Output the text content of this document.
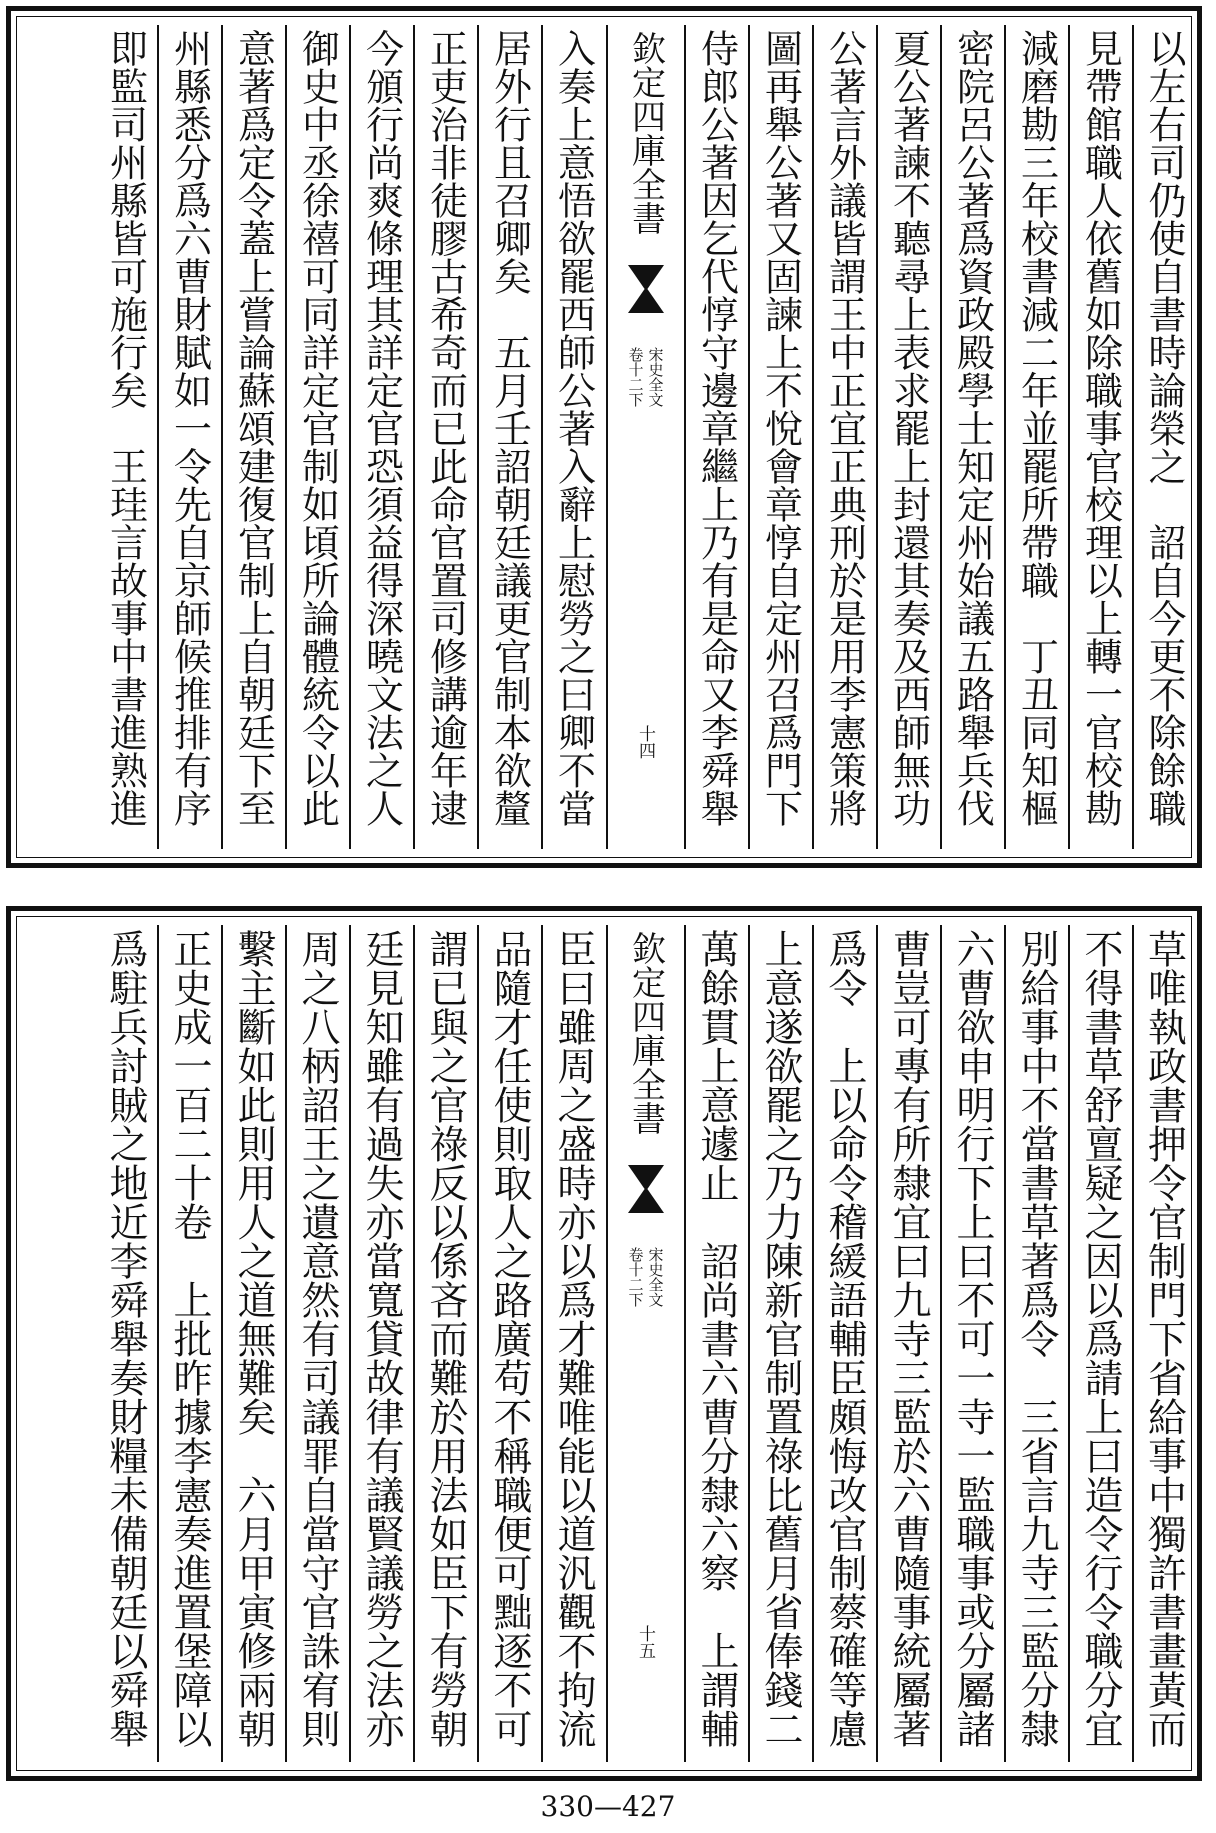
以左右司仍使自書時論榮之　詔自今更不除餘職
見帶館職人依舊如除職事官校理以上轉一官校勘
減磨勘三年校書減二年並罷所帶職　丁丑同知樞
密院呂公著爲資政殿學士知定州始議五路舉兵伐
夏公著諫不聽尋上表求罷上封還其奏及西師無功
公著言外議皆謂王中正宜正典刑於是用李憲策將
圖再舉公著又固諫上不悅會章惇自定州召爲門下
侍郎公著因乞代惇守邊章繼上乃有是命又李舜舉
欽定四庫全書
宋史全文
卷十二下
十四
入奏上意悟欲罷西師公著入辭上慰勞之曰卿不當
居外行且召卿矣　五月壬詔朝廷議更官制本欲釐
正吏治非徒膠古希奇而已此命官置司修講逾年逮
今頒行尚爽條理其詳定官恐須益得深曉文法之人
御史中丞徐禧可同詳定官制如頃所論體統令以此
意著爲定令蓋上嘗論蘇頌建復官制上自朝廷下至
州縣悉分爲六曹財賦如一令先自京師候推排有序
即監司州縣皆可施行矣　王珪言故事中書進熟進
草唯執政書押令官制門下省給事中獨許書畫黃而
不得書草舒亶疑之因以爲請上曰造令行令職分宜
別給事中不當書草著爲令　三省言九寺三監分隸
六曹欲申明行下上曰不可一寺一監職事或分屬諸
曹豈可專有所隸宜曰九寺三監於六曹隨事統屬著
爲令　上以命令稽緩語輔臣頗悔改官制蔡確等慮
上意遂欲罷之乃力陳新官制置祿比舊月省俸錢二
萬餘貫上意遽止　詔尚書六曹分隸六察　上謂輔
欽定四庫全書
宋史全文
卷十二下
十五
臣曰雖周之盛時亦以爲才難唯能以道汎觀不拘流
品隨才任使則取人之路廣苟不稱職便可黜逐不可
謂已與之官祿反以係吝而難於用法如臣下有勞朝
廷見知雖有過失亦當寬貸故律有議賢議勞之法亦
周之八柄詔王之遺意然有司議罪自當守官誅宥則
繫主斷如此則用人之道無難矣　六月甲寅修兩朝
正史成一百二十卷　上批昨據李憲奏進置堡障以
爲駐兵討賊之地近李舜舉奏財糧未備朝廷以舜舉
330—427
